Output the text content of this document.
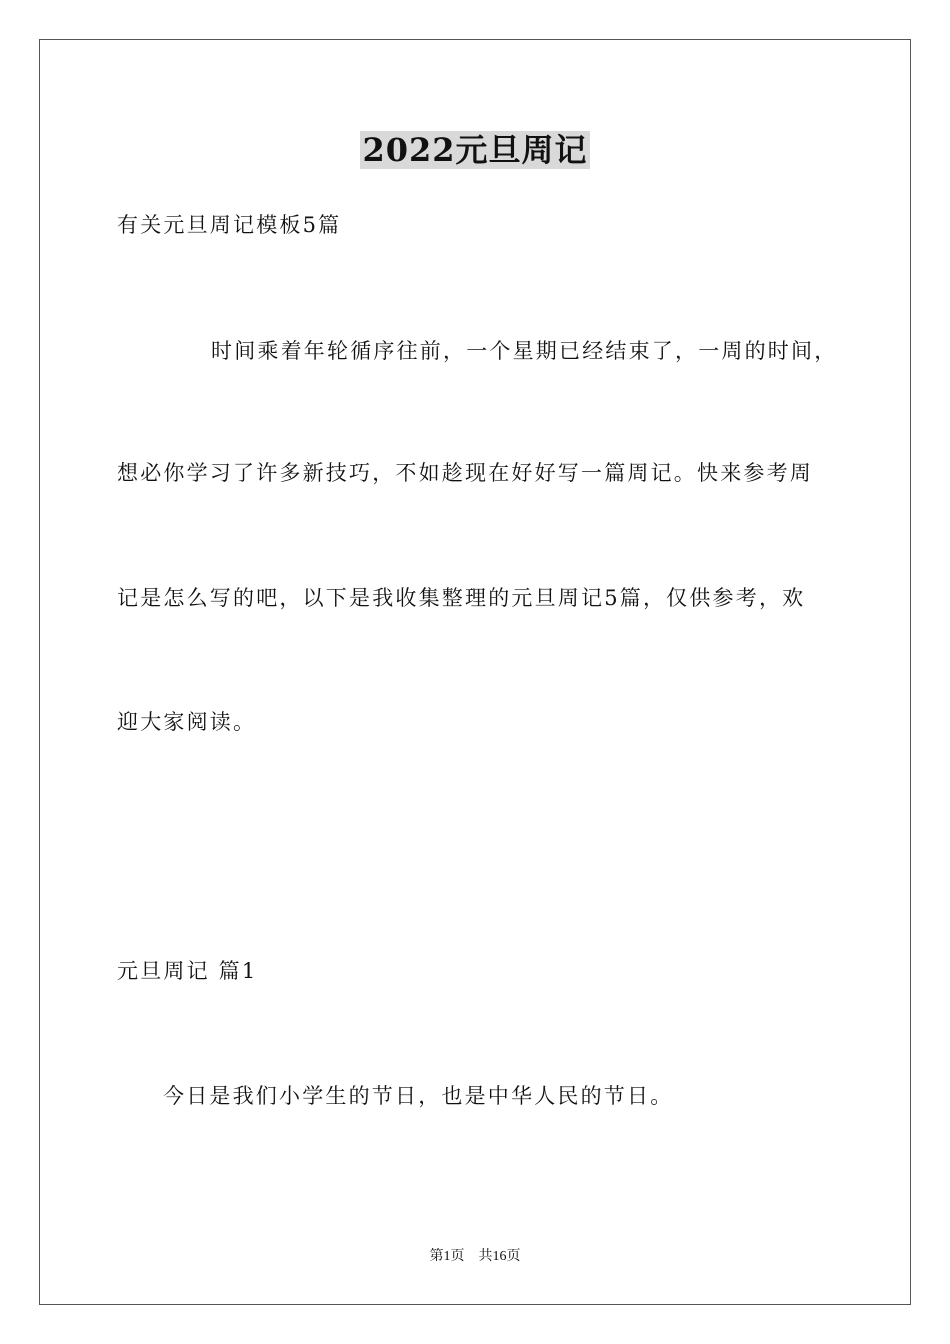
2022元旦周记
有关元旦周记模板5篇
时间乘着年轮循序往前，一个星期已经结束了，一周的时间，
想必你学习了许多新技巧，不如趁现在好好写一篇周记。快来参考周
记是怎么写的吧，以下是我收集整理的元旦周记5篇，仅供参考，欢
迎大家阅读。
元旦周记 篇1
今日是我们小学生的节日，也是中华人民的节日。
第1页 共16页
